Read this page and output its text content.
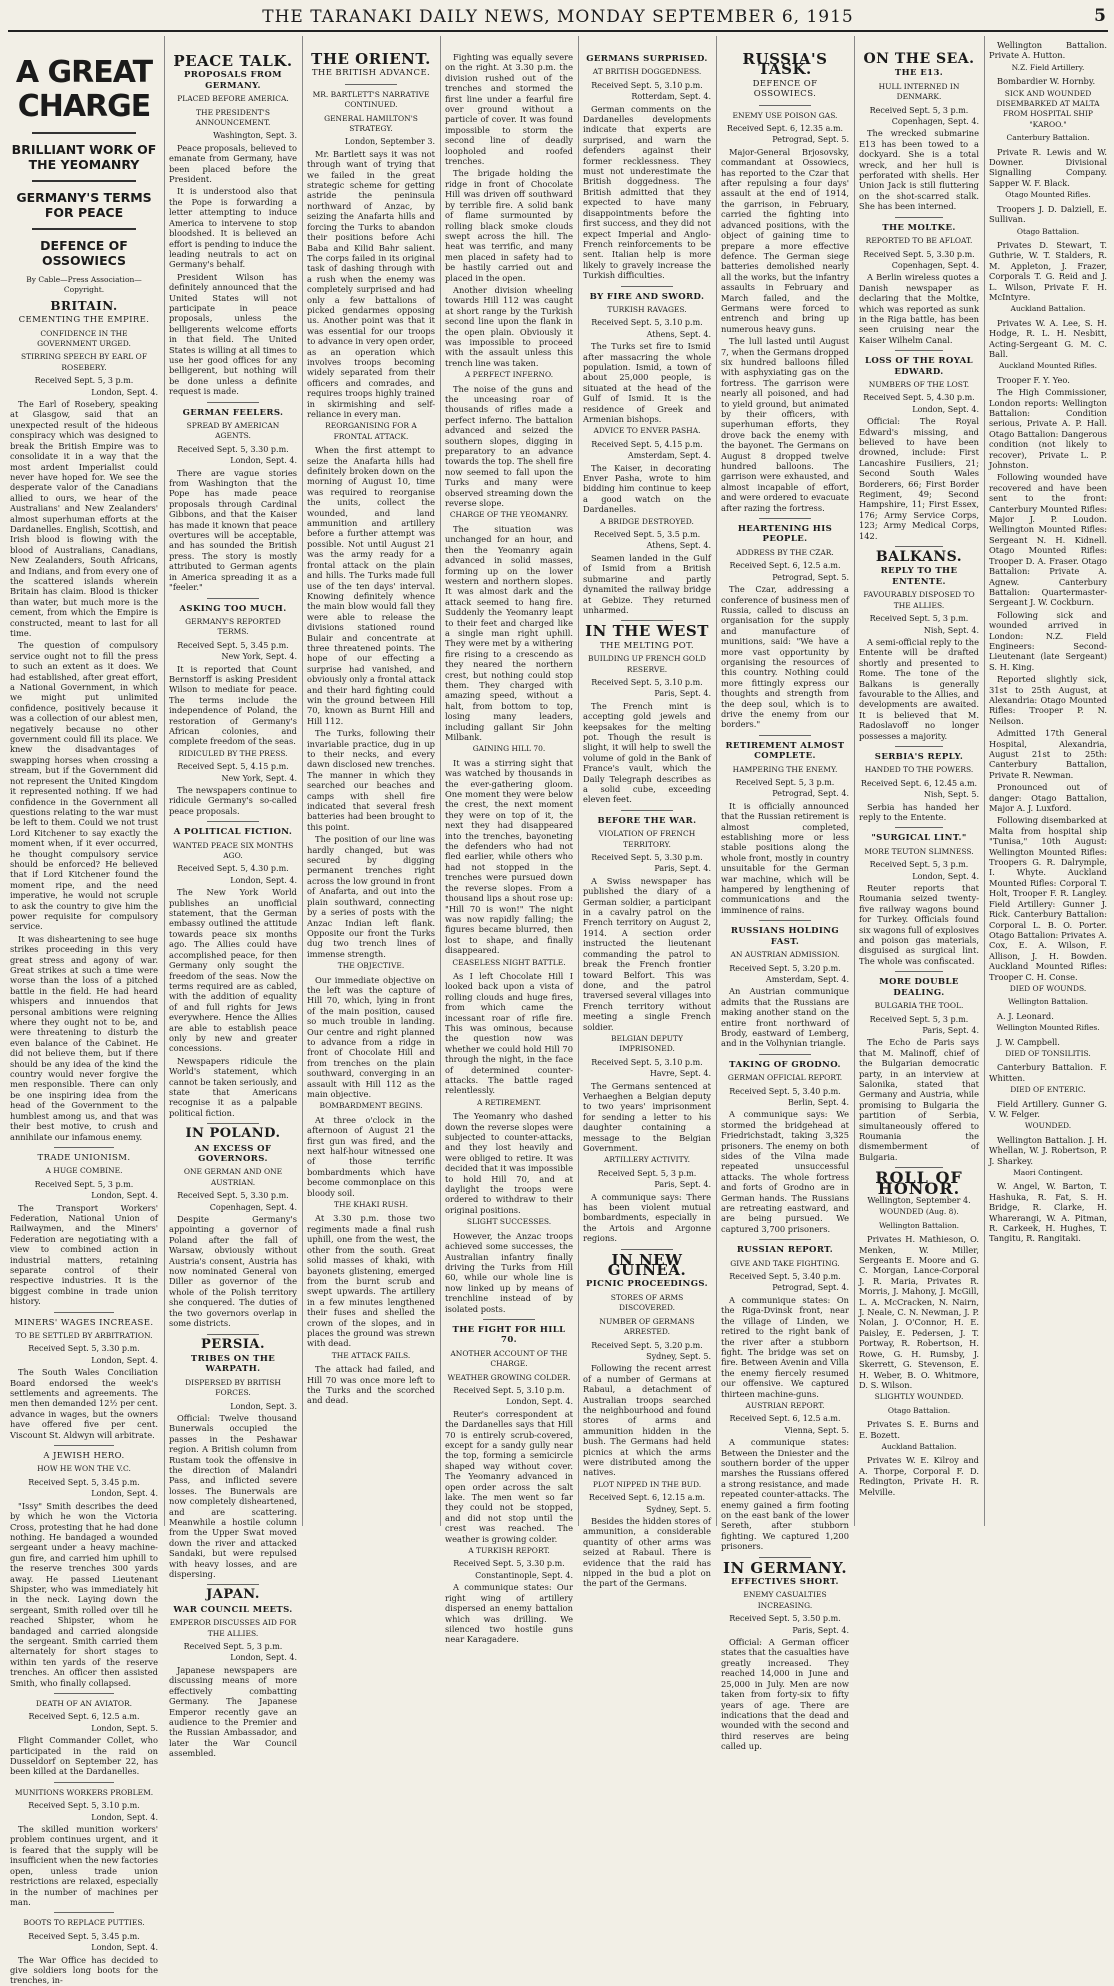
THE TARANAKI DAILY NEWS, MONDAY SEPTEMBER 6, 1915	5
A GREAT CHARGE
BRILLIANT WORK OF THE YEOMANRY
GERMANY'S TERMS FOR PEACE
DEFENCE OF OSSOWIECS
By Cable—Press Association—Copyright.
BRITAIN.
CEMENTING THE EMPIRE.
CONFIDENCE IN THE GOVERNMENT URGED.
STIRRING SPEECH BY EARL OF ROSEBERY.
Received Sept. 5, 3 p.m.
London, Sept. 4.

The Earl of Rosebery, speaking at Glasgow, said that an unexpected result of the hideous conspiracy which was designed to break the British Empire was to consolidate it in a way that the most ardent Imperialist could never have hoped for. We see the desperate valor of the Canadians allied to ours, we hear of the Australians' and New Zealanders' almost superhuman efforts at the Dardanelles. English, Scottish, and Irish blood is flowing with the blood of Australians, Canadians, New Zealanders, South Africans, and Indians, and from every one of the scattered islands wherein Britain has claim. Blood is thicker than water, but much more is the cement, from which the Empire is constructed, meant to last for all time.

The question of compulsory service ought not to fill the press to such an extent as it does. We had established, after great effort, a National Government, in which we might put unlimited confidence, positively because it was a collection of our ablest men, negatively because no other government could fill its place. We knew the disadvantages of swapping horses when crossing a stream, but if the Government did not represent the United Kingdom it represented nothing. If we had confidence in the Government all questions relating to the war must be left to them. Could we not trust Lord Kitchener to say exactly the moment when, if it ever occurred, he thought compulsory service should be enforced? He believed that if Lord Kitchener found the moment ripe, and the need imperative, he would not scruple to ask the country to give him the power requisite for compulsory service.

It was disheartening to see huge strikes proceeding in this very great stress and agony of war. Great strikes at such a time were worse than the loss of a pitched battle in the field. He had heard whispers and innuendos that personal ambitions were reigning where they ought not to be, and were threatening to disturb the even balance of the Cabinet. He did not believe them, but if there should be any idea of the kind the country would never forgive the men responsible. There can only be one inspiring idea from the head of the Government to the humblest among us, and that was their best motive, to crush and annihilate our infamous enemy.

TRADE UNIONISM.
A HUGE COMBINE.
Received Sept. 5, 3 p.m.
London, Sept. 4.

The Transport Workers' Federation, National Union of Railwaymen, and the Miners' Federation are negotiating with a view to combined action in industrial matters, retaining separate control of their respective industries. It is the biggest combine in trade union history.

MINERS' WAGES INCREASE.
TO BE SETTLED BY ARBITRATION.
Received Sept. 5, 3.30 p.m.
London, Sept. 4.

The South Wales Conciliation Board endorsed the week's settlements and agreements. The men then demanded 12½ per cent. advance in wages, but the owners have offered five per cent. Viscount St. Aldwyn will arbitrate.

A JEWISH HERO.
HOW HE WON THE V.C.
Received Sept. 5, 3.45 p.m.
London, Sept. 4.

"Issy" Smith describes the deed by which he won the Victoria Cross, protesting that he had done nothing. He bandaged a wounded sergeant under a heavy machine-gun fire, and carried him uphill to the reserve trenches 300 yards away. He passed Lieutenant Shipster, who was immediately hit in the neck. Laying down the sergeant, Smith rolled over till he reached Shipster, whom he bandaged and carried alongside the sergeant. Smith carried them alternately for short stages to within ten yards of the reserve trenches. An officer then assisted Smith, who finally collapsed.

DEATH OF AN AVIATOR.
Received Sept. 6, 12.5 a.m.
London, Sept. 5.

Flight Commander Collet, who participated in the raid on Dusseldorf on September 22, has been killed at the Dardanelles.

MUNITIONS WORKERS PROBLEM.
Received Sept. 5, 3.10 p.m.
London, Sept. 4.

The skilled munition workers' problem continues urgent, and it is feared that the supply will be insufficient when the new factories open, unless trade union restrictions are relaxed, especially in the number of machines per man.

BOOTS TO REPLACE PUTTIES.
Received Sept. 5, 3.45 p.m.
London, Sept. 4.

The War Office has decided to give soldiers long boots for the trenches, in-

PEACE TALK.
PROPOSALS FROM GERMANY.
PLACED BEFORE AMERICA.
THE PRESIDENT'S ANNOUNCEMENT.
Washington, Sept. 3.

Peace proposals, believed to emanate from Germany, have been placed before the President.

It is understood also that the Pope is forwarding a letter attempting to induce America to intervene to stop bloodshed. It is believed an effort is pending to induce the leading neutrals to act on Germany's behalf.

President Wilson has definitely announced that the United States will not participate in peace proposals, unless the belligerents welcome efforts in that field. The United States is willing at all times to use her good offices for any belligerent, but nothing will be done unless a definite request is made.

GERMAN FEELERS.
SPREAD BY AMERICAN AGENTS.
Received Sept. 5, 3.30 p.m.
London, Sept. 4.

There are vague stories from Washington that the Pope has made peace proposals through Cardinal Gibbons, and that the Kaiser has made it known that peace overtures will be acceptable, and has sounded the British press. The story is mostly attributed to German agents in America spreading it as a "feeler."

ASKING TOO MUCH.
GERMANY'S REPORTED TERMS.
Received Sept. 5, 3.45 p.m.
New York, Sept. 4.

It is reported that Count Bernstorff is asking President Wilson to mediate for peace. The terms include the independence of Poland, the restoration of Germany's African colonies, and complete freedom of the seas.

RIDICULED BY THE PRESS.
Received Sept. 5, 4.15 p.m.
New York, Sept. 4.

The newspapers continue to ridicule Germany's so-called peace proposals.

A POLITICAL FICTION.
WANTED PEACE SIX MONTHS AGO.
Received Sept. 5, 4.30 p.m.
London, Sept. 4.

The New York World publishes an unofficial statement, that the German embassy outlined the attitude towards peace six months ago. The Allies could have accomplished peace, for then Germany only sought the freedom of the seas. Now the terms required are as cabled, with the addition of equality of and full rights for Jews everywhere. Hence the Allies are able to establish peace only by new and greater concessions.

Newspapers ridicule the World's statement, which cannot be taken seriously, and state that Americans recognise it as a palpable political fiction.

IN POLAND.
AN EXCESS OF GOVERNORS.
ONE GERMAN AND ONE AUSTRIAN.
Received Sept. 5, 3.30 p.m.
Copenhagen, Sept. 4.

Despite Germany's appointing a governor of Poland after the fall of Warsaw, obviously without Austria's consent, Austria has now nominated General von Diller as governor of the whole of the Polish territory she conquered. The duties of the two governors overlap in some districts.

PERSIA.
TRIBES ON THE WARPATH.
DISPERSED BY BRITISH FORCES.
London, Sept. 3.

Official: Twelve thousand Bunerwals occupied the passes in the Peshawar region. A British column from Rustam took the offensive in the direction of Malandri Pass, and inflicted severe losses. The Bunerwals are now completely disheartened, and are scattering. Meanwhile a hostile column from the Upper Swat moved down the river and attacked Sandaki, but were repulsed with heavy losses, and are dispersing.

JAPAN.
WAR COUNCIL MEETS.
EMPEROR DISCUSSES AID FOR THE ALLIES.
Received Sept. 5, 3 p.m.
London, Sept. 4.

Japanese newspapers are discussing means of more effectively combatting Germany. The Japanese Emperor recently gave an audience to the Premier and the Russian Ambassador, and later the War Council assembled.

THE ORIENT.
THE BRITISH ADVANCE.
MR. BARTLETT'S NARRATIVE CONTINUED.
GENERAL HAMILTON'S STRATEGY.
London, September 3.

Mr. Bartlett says it was not through want of trying that we failed in the great strategic scheme for getting astride the peninsula northward of Anzac, by seizing the Anafarta hills and forcing the Turks to abandon their positions before Achi Baba and Kilid Bahr salient. The corps failed in its original task of dashing through with a rush when the enemy was completely surprised and had only a few battalions of picked gendarmes opposing us. Another point was that it was essential for our troops to advance in very open order, as an operation which involves troops becoming widely separated from their officers and comrades, and requires troops highly trained in skirmishing and self-reliance in every man.

REORGANISING FOR A FRONTAL ATTACK.

When the first attempt to seize the Anafarta hills had definitely broken down on the morning of August 10, time was required to reorganise the units, collect the wounded, and land ammunition and artillery before a further attempt was possible. Not until August 21 was the army ready for a frontal attack on the plain and hills. The Turks made full use of the ten days' interval. Knowing definitely whence the main blow would fall they were able to release the divisions stationed round Bulair and concentrate at three threatened points. The hope of our effecting a surprise had vanished, and obviously only a frontal attack and their hard fighting could win the ground between Hill 70, known as Burnt Hill and Hill 112.

The Turks, following their invariable practice, dug in up to their necks, and every dawn disclosed new trenches. The manner in which they searched our beaches and camps with shell fire indicated that several fresh batteries had been brought to this point.

The position of our line was hardly changed, but was secured by digging permanent trenches right across the low ground in front of Anafarta, and out into the plain southward, connecting by a series of posts with the Anzac Indian left flank. Opposite our front the Turks dug two trench lines of immense strength.

THE OBJECTIVE.

Our immediate objective on the left was the capture of Hill 70, which, lying in front of the main position, caused so much trouble in landing. Our centre and right planned to advance from a ridge in front of Chocolate Hill and from trenches on the plain southward, converging in an assault with Hill 112 as the main objective.

BOMBARDMENT BEGINS.

At three o'clock in the afternoon of August 21 the first gun was fired, and the next half-hour witnessed one of those terrific bombardments which have become commonplace on this bloody soil.

THE KHAKI RUSH.

At 3.30 p.m. those two regiments made a final rush uphill, one from the west, the other from the south. Great solid masses of khaki, with bayonets glistening, emerged from the burnt scrub and swept upwards. The artillery in a few minutes lengthened their fuses and shelled the crown of the slopes, and in places the ground was strewn with dead.

THE ATTACK FAILS.

The attack had failed, and Hill 70 was once more left to the Turks and the scorched and dead.

Fighting was equally severe on the right. At 3.30 p.m. the division rushed out of the trenches and stormed the first line under a fearful fire over ground without a particle of cover. It was found impossible to storm the second line of deadly loopholed and roofed trenches.

The brigade holding the ridge in front of Chocolate Hill was driven off southward by terrible fire. A solid bank of flame surmounted by rolling black smoke clouds swept across the hill. The heat was terrific, and many men placed in safety had to be hastily carried out and placed in the open.

Another division wheeling towards Hill 112 was caught at short range by the Turkish second line upon the flank in the open plain. Obviously it was impossible to proceed with the assault unless this trench line was taken.

A PERFECT INFERNO.

The noise of the guns and the unceasing roar of thousands of rifles made a perfect inferno. The battalion advanced and seized the southern slopes, digging in preparatory to an advance towards the top. The shell fire now seemed to fall upon the Turks and many were observed streaming down the reverse slope.

CHARGE OF THE YEOMANRY.

The situation was unchanged for an hour, and then the Yeomanry again advanced in solid masses, forming up on the lower western and northern slopes. It was almost dark and the attack seemed to hang fire. Suddenly the Yeomanry leapt to their feet and charged like a single man right uphill. They were met by a withering fire rising to a crescendo as they neared the northern crest, but nothing could stop them. They charged with amazing speed, without a halt, from bottom to top, losing many leaders, including gallant Sir John Milbank.

GAINING HILL 70.

It was a stirring sight that was watched by thousands in the ever-gathering gloom. One moment they were below the crest, the next moment they were on top of it, the next they had disappeared into the trenches, bayoneting the defenders who had not fled earlier, while others who had not stopped in the trenches were pursued down the reverse slopes. From a thousand lips a shout rose up: "Hill 70 is won!" The night was now rapidly falling; the figures became blurred, then lost to shape, and finally disappeared.

CEASELESS NIGHT BATTLE.

As I left Chocolate Hill I looked back upon a vista of rolling clouds and huge fires, from which came the incessant roar of rifle fire. This was ominous, because the question now was whether we could hold Hill 70 through the night, in the face of determined counter-attacks. The battle raged relentlessly.

A RETIREMENT.

The Yeomanry who dashed down the reverse slopes were subjected to counter-attacks, and they lost heavily and were obliged to retire. It was decided that it was impossible to hold Hill 70, and at daylight the troops were ordered to withdraw to their original positions.

SLIGHT SUCCESSES.

However, the Anzac troops achieved some successes, the Australian infantry finally driving the Turks from Hill 60, while our whole line is now linked up by means of trenchline instead of by isolated posts.

THE FIGHT FOR HILL 70.
ANOTHER ACCOUNT OF THE CHARGE.
WEATHER GROWING COLDER.
Received Sept. 5, 3.10 p.m.
London, Sept. 4.

Reuter's correspondent at the Dardanelles says that Hill 70 is entirely scrub-covered, except for a sandy gully near the top, forming a semicircle shaped way without cover. The Yeomanry advanced in open order across the salt lake. The men went so far they could not be stopped, and did not stop until the crest was reached. The weather is growing colder.

A TURKISH REPORT.
Received Sept. 5, 3.30 p.m.
Constantinople, Sept. 4.

A communique states: Our right wing of artillery dispersed an enemy battalion which was drilling. We silenced two hostile guns near Karagadere.

GERMANS SURPRISED.
AT BRITISH DOGGEDNESS.
Received Sept. 5, 3.10 p.m.
Rotterdam, Sept. 4.

German comments on the Dardanelles developments indicate that experts are surprised, and warn the defenders against their former recklessness. They must not underestimate the British doggedness. The British admitted that they expected to have many disappointments before the first success, and they did not expect Imperial and Anglo-French reinforcements to be sent. Italian help is more likely to gravely increase the Turkish difficulties.

BY FIRE AND SWORD.
TURKISH RAVAGES.
Received Sept. 5, 3.10 p.m.
Athens, Sept. 4.

The Turks set fire to Ismid after massacring the whole population. Ismid, a town of about 25,000 people, is situated at the head of the Gulf of Ismid. It is the residence of Greek and Armenian bishops.

ADVICE TO ENVER PASHA.
Received Sept. 5, 4.15 p.m.
Amsterdam, Sept. 4.

The Kaiser, in decorating Enver Pasha, wrote to him bidding him continue to keep a good watch on the Dardanelles.

A BRIDGE DESTROYED.
Received Sept. 5, 3.5 p.m.
Athens, Sept. 4.

Seamen landed in the Gulf of Ismid from a British submarine and partly dynamited the railway bridge at Gebize. They returned unharmed.

IN THE WEST
THE MELTING POT.
BUILDING UP FRENCH GOLD RESERVE.
Received Sept. 5, 3.10 p.m.
Paris, Sept. 4.

The French mint is accepting gold jewels and keepsakes for the melting pot. Though the result is slight, it will help to swell the volume of gold in the Bank of France's vault, which the Daily Telegraph describes as a solid cube, exceeding eleven feet.

BEFORE THE WAR.
VIOLATION OF FRENCH TERRITORY.
Received Sept. 5, 3.30 p.m.
Paris, Sept. 4.

A Swiss newspaper has published the diary of a German soldier, a participant in a cavalry patrol on the French territory on August 2, 1914. A section order instructed the lieutenant commanding the patrol to break the French frontier toward Belfort. This was done, and the patrol traversed several villages into French territory without meeting a single French soldier.

BELGIAN DEPUTY IMPRISONED.
Received Sept. 5, 3.10 p.m.
Havre, Sept. 4.

The Germans sentenced at Verhaeghen a Belgian deputy to two years' imprisonment for sending a letter to his daughter containing a message to the Belgian Government.

ARTILLERY ACTIVITY.
Received Sept. 5, 3 p.m.
Paris, Sept. 4.

A communique says: There has been violent mutual bombardments, especially in the Artois and Argonne regions.

IN NEW GUINEA.
PICNIC PROCEEDINGS.
STORES OF ARMS DISCOVERED.
NUMBER OF GERMANS ARRESTED.
Received Sept. 5, 3.20 p.m.
Sydney, Sept. 5.

Following the recent arrest of a number of Germans at Rabaul, a detachment of Australian troops searched the neighbourhood and found stores of arms and ammunition hidden in the bush. The Germans had held picnics at which the arms were distributed among the natives.

PLOT NIPPED IN THE BUD.
Received Sept. 6, 12.15 a.m.
Sydney, Sept. 5.

Besides the hidden stores of ammunition, a considerable quantity of other arms was seized at Rabaul. There is evidence that the raid has nipped in the bud a plot on the part of the Germans.

RUSSIA'S TASK.
DEFENCE OF OSSOWIECS.
ENEMY USE POISON GAS.
Received Sept. 6, 12.35 a.m.
Petrograd, Sept. 5.

Major-General Brjosovsky, commandant at Ossowiecs, has reported to the Czar that after repulsing a four days' assault at the end of 1914, the garrison, in February, carried the fighting into advanced positions, with the object of gaining time to prepare a more effective defence. The German siege batteries demolished nearly all the works, but the infantry assaults in February and March failed, and the Germans were forced to entrench and bring up numerous heavy guns.

The lull lasted until August 7, when the Germans dropped six hundred balloons filled with asphyxiating gas on the fortress. The garrison were nearly all poisoned, and had to yield ground, but animated by their officers, with superhuman efforts, they drove back the enemy with the bayonet. The Germans on August 8 dropped twelve hundred balloons. The garrison were exhausted, and almost incapable of effort, and were ordered to evacuate after razing the fortress.

HEARTENING HIS PEOPLE.
ADDRESS BY THE CZAR.
Received Sept. 6, 12.5 a.m.
Petrograd, Sept. 5.

The Czar, addressing a conference of business men of Russia, called to discuss an organisation for the supply and manufacture of munitions, said: "We have a more vast opportunity by organising the resources of this country. Nothing could more fittingly express our thoughts and strength from the deep soul, which is to drive the enemy from our borders."

RETIREMENT ALMOST COMPLETE.
HAMPERING THE ENEMY.
Received Sept. 5, 3 p.m.
Petrograd, Sept. 4.

It is officially announced that the Russian retirement is almost completed, establishing more or less stable positions along the whole front, mostly in country unsuitable for the German war machine, which will be hampered by lengthening of communications and the imminence of rains.

RUSSIANS HOLDING FAST.
AN AUSTRIAN ADMISSION.
Received Sept. 5, 3.20 p.m.
Amsterdam, Sept. 4.

An Austrian communique admits that the Russians are making another stand on the entire front northward of Brody, eastward of Lemberg, and in the Volhynian triangle.

TAKING OF GRODNO.
GERMAN OFFICIAL REPORT.
Received Sept. 5, 3.40 p.m.
Berlin, Sept. 4.

A communique says: We stormed the bridgehead at Friedrichstadt, taking 3,325 prisoners. The enemy on both sides of the Vilna made repeated unsuccessful attacks. The whole fortress and forts of Grodno are in German hands. The Russians are retreating eastward, and are being pursued. We captured 3,700 prisoners.

RUSSIAN REPORT.
GIVE AND TAKE FIGHTING.
Received Sept. 5, 3.40 p.m.
Petrograd, Sept. 4.

A communique states: On the Riga-Dvinsk front, near the village of Linden, we retired to the right bank of the river after a stubborn fight. The bridge was set on fire. Between Avenin and Villa the enemy fiercely resumed our offensive. We captured thirteen machine-guns.

AUSTRIAN REPORT.
Received Sept. 6, 12.5 a.m.
Vienna, Sept. 5.

A communique states: Between the Dniester and the southern border of the upper marshes the Russians offered a strong resistance, and made repeated counter-attacks. The enemy gained a firm footing on the east bank of the lower Sereth, after stubborn fighting. We captured 1,200 prisoners.

IN GERMANY.
EFFECTIVES SHORT.
ENEMY CASUALTIES INCREASING.
Received Sept. 5, 3.50 p.m.
Paris, Sept. 4.

Official: A German officer states that the casualties have greatly increased. They reached 14,000 in June and 25,000 in July. Men are now taken from forty-six to fifty years of age. There are indications that the dead and wounded with the second and third reserves are being called up.

ON THE SEA.
THE E13.
HULL INTERNED IN DENMARK.
Received Sept. 5, 3 p.m.
Copenhagen, Sept. 4.

The wrecked submarine E13 has been towed to a dockyard. She is a total wreck, and her hull is perforated with shells. Her Union Jack is still fluttering on the shot-scarred stalk. She has been interned.

THE MOLTKE.
REPORTED TO BE AFLOAT.
Received Sept. 5, 3.30 p.m.
Copenhagen, Sept. 4.

A Berlin wireless quotes a Danish newspaper as declaring that the Moltke, which was reported as sunk in the Riga battle, has been seen cruising near the Kaiser Wilhelm Canal.

LOSS OF THE ROYAL EDWARD.
NUMBERS OF THE LOST.
Received Sept. 5, 4.30 p.m.
London, Sept. 4.

Official: The Royal Edward's missing, and believed to have been drowned, include: First Lancashire Fusiliers, 21; Second South Wales Borderers, 66; First Border Regiment, 49; Second Hampshire, 11; First Essex, 176; Army Service Corps, 123; Army Medical Corps, 142.

BALKANS.
REPLY TO THE ENTENTE.
FAVOURABLY DISPOSED TO THE ALLIES.
Received Sept. 5, 3 p.m.
Nish, Sept. 4.

A semi-official reply to the Entente will be drafted shortly and presented to Rome. The tone of the Balkans is generally favourable to the Allies, and developments are awaited. It is believed that M. Radoslavoff no longer possesses a majority.

SERBIA'S REPLY.
HANDED TO THE POWERS.
Received Sept. 6, 12.45 a.m.
Nish, Sept. 5.

Serbia has handed her reply to the Entente.

"SURGICAL LINT."
MORE TEUTON SLIMNESS.
Received Sept. 5, 3 p.m.
London, Sept. 4.

Reuter reports that Roumania seized twenty-five railway wagons bound for Turkey. Officials found six wagons full of explosives and poison gas materials, disguised as surgical lint. The whole was confiscated.

MORE DOUBLE DEALING.
BULGARIA THE TOOL.
Received Sept. 5, 3 p.m.
Paris, Sept. 4.

The Echo de Paris says that M. Malinoff, chief of the Bulgarian democratic party, in an interview at Salonika, stated that Germany and Austria, while promising to Bulgaria the partition of Serbia, simultaneously offered to Roumania the dismemberment of Bulgaria.

ROLL OF HONOR.
Wellington, September 4.
WOUNDED (Aug. 8).
Wellington Battalion.

Privates H. Mathieson, O. Menken, W. Miller, Sergeants E. Moore and G. C. Morgan, Lance-Corporal J. R. Maria, Privates R. Morris, J. Mahony, J. McGill, L. A. McCracken, N. Nairn, J. Neale, C. N. Newman, J. P. Nolan, J. O'Connor, H. E. Paisley, E. Pedersen, J. T. Portway, R. Robertson, H. Rowe, G. H. Rumsby, J. Skerrett, G. Stevenson, E. H. Weber, B. O. Whitmore, D. S. Wilson.

SLIGHTLY WOUNDED.
Otago Battalion.

Privates S. E. Burns and E. Bozett.

Auckland Battalion.

Privates W. E. Kilroy and A. Thorpe, Corporal F. D. Redington, Private H. R. Melville.

Wellington Battalion. Private A. Hutton.

N.Z. Field Artillery.

Bombardier W. Hornby.

SICK AND WOUNDED DISEMBARKED AT MALTA FROM HOSPITAL SHIP "KAROO."
Canterbury Battalion.

Private R. Lewis and W. Downer. Divisional Signalling Company. Sapper W. F. Black.

Otago Mounted Rifles.

Troopers J. D. Dalziell, E. Sullivan.

Otago Battalion.

Privates D. Stewart, T. Guthrie, W. T. Stalders, R. M. Appleton, J. Frazer, Corporals T. G. Reid and J. L. Wilson, Private F. H. McIntyre.

Auckland Battalion.

Privates W. A. Lee, S. H. Hodge, R. L. H. Nesbitt, Acting-Sergeant G. M. C. Ball.

Auckland Mounted Rifles.

Trooper F. Y. Yeo.

The High Commissioner, London reports: Wellington Battalion: Condition serious, Private A. P. Hall. Otago Battalion: Dangerous condition (not likely to recover), Private L. P. Johnston.

Following wounded have recovered and have been sent to the front: Canterbury Mounted Rifles: Major J. P. Loudon. Wellington Mounted Rifles: Sergeant N. H. Kidnell. Otago Mounted Rifles: Trooper D. A. Fraser. Otago Battalion: Private A. Agnew. Canterbury Battalion: Quartermaster-Sergeant J. W. Cockburn.

Following sick and wounded arrived in London: N.Z. Field Engineers: Second-Lieutenant (late Sergeant) S. H. King.

Reported slightly sick, 31st to 25th August, at Alexandria: Otago Mounted Rifles: Trooper P. N. Neilson.

Admitted 17th General Hospital, Alexandria, August 21st to 25th: Canterbury Battalion, Private R. Newman.

Pronounced out of danger: Otago Battalion, Major A. J. Luxford.

Following disembarked at Malta from hospital ship "Tunisa," 10th August: Wellington Mounted Rifles: Troopers G. R. Dalrymple, I. Whyte. Auckland Mounted Rifles: Corporal T. Holt, Trooper F. R. Langley. Field Artillery: Gunner J. Rick. Canterbury Battalion: Corporal L. B. O. Porter. Otago Battalion: Privates A. Cox, E. A. Wilson, F. Allison, J. H. Bowden. Auckland Mounted Rifles: Trooper C. H. Conse.

DIED OF WOUNDS.
Wellington Battalion.

A. J. Leonard.

Wellington Mounted Rifles.

J. W. Campbell.

DIED OF TONSILITIS.

Canterbury Battalion. F. Whitten.

DIED OF ENTERIC.

Field Artillery. Gunner G. V. W. Felger.

WOUNDED.

Wellington Battalion. J. H. Whellan, W. J. Robertson, P. J. Sharkey.

Maori Contingent.

W. Angel, W. Barton, T. Hashuka, R. Fat, S. H. Bridge, R. Clarke, H. Wharerangi, W. A. Pitman, R. Carkeek, H. Hughes, T. Tangitu, R. Rangitaki.
